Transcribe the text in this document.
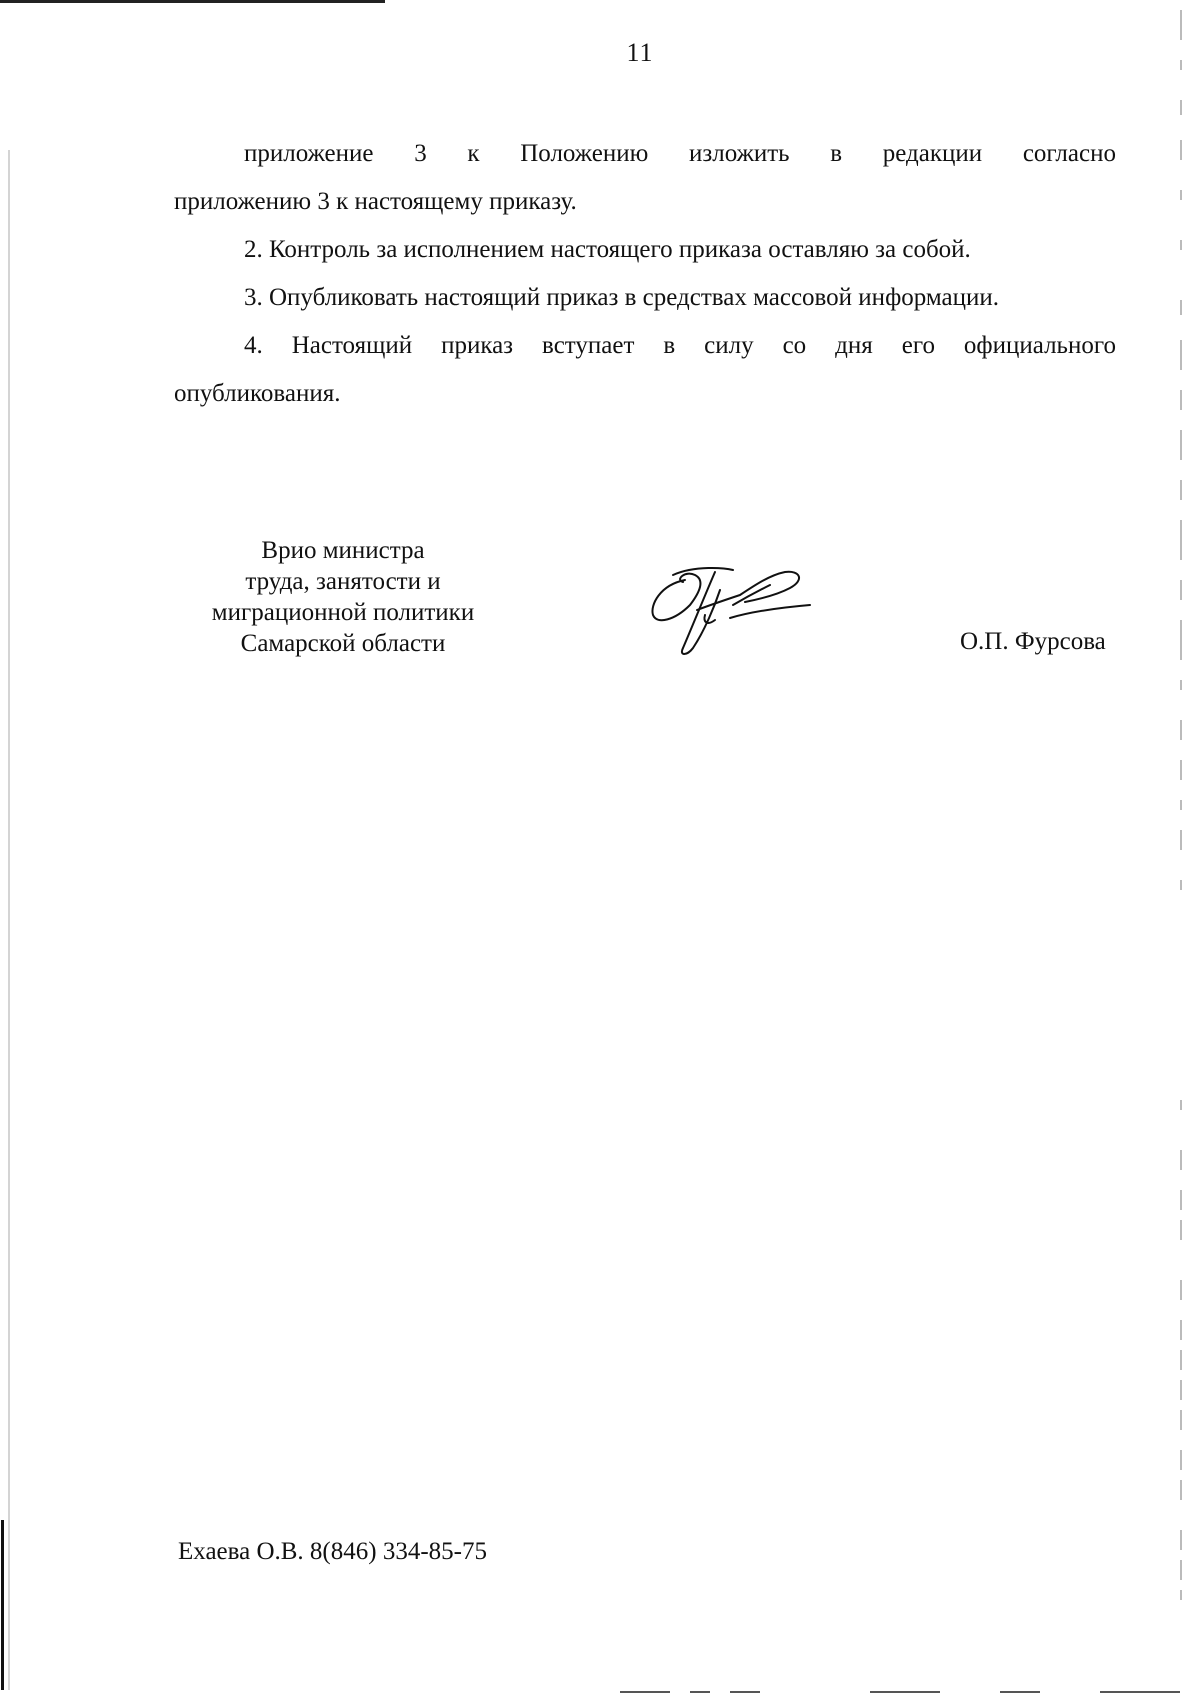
11
приложение 3 к Положению изложить в редакции согласно

приложению 3 к настоящему приказу.

2. Контроль за исполнением настоящего приказа оставляю за собой.

3. Опубликовать настоящий приказ в средствах массовой информации.

4. Настоящий приказ вступает в силу со дня его официального

опубликования.

Врио министра
труда, занятости и
миграционной политики
Самарской области	О.П. Фурсова
Ехаева О.В. 8(846) 334-85-75
